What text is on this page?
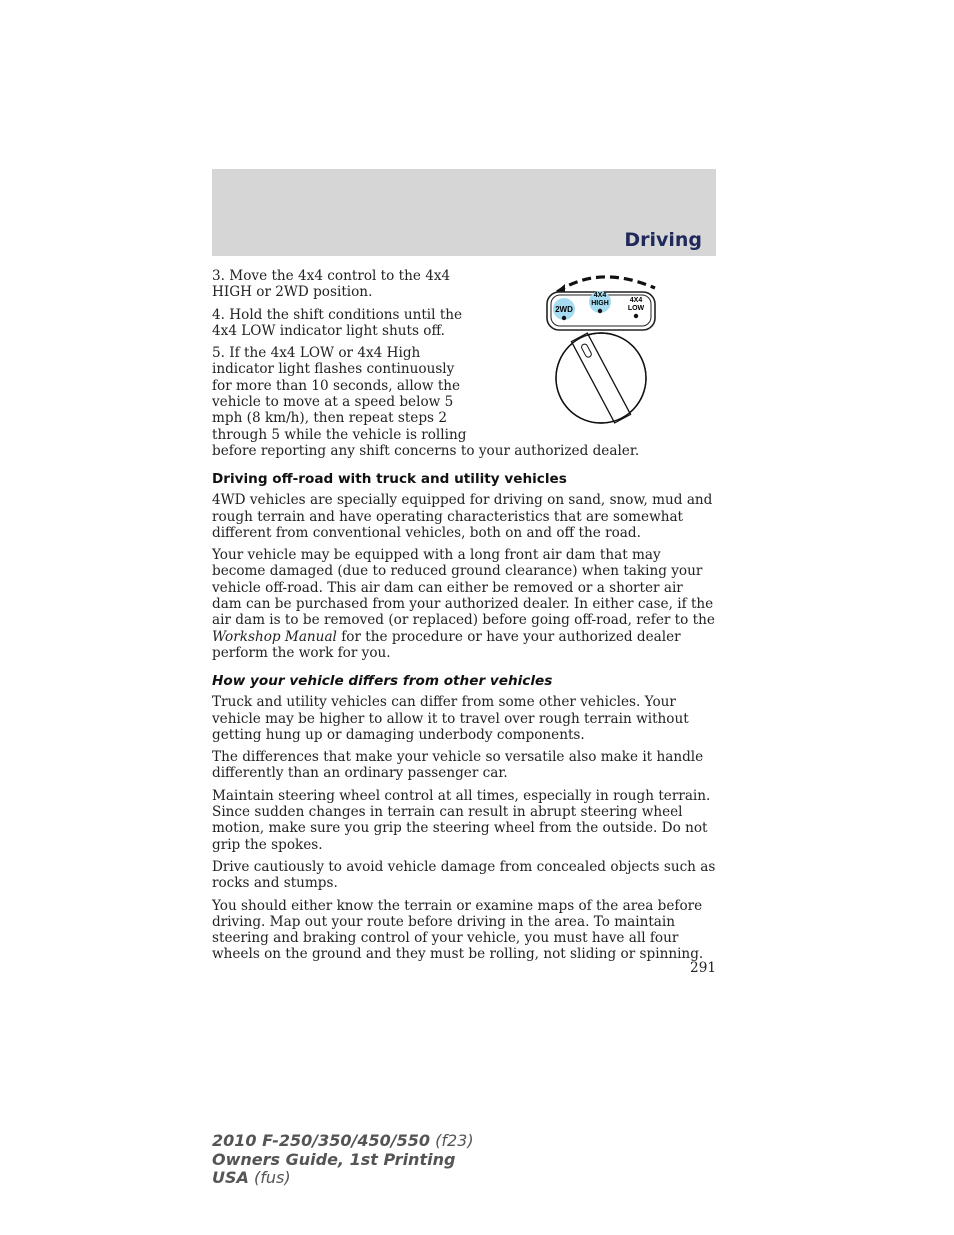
Driving
2WD
4X4
HIGH	4X4
LOW

3. Move the 4x4 control to the 4x4 HIGH or 2WD position.

4. Hold the shift conditions until the 4x4 LOW indicator light shuts off.

5. If the 4x4 LOW or 4x4 High indicator light flashes continuously for more than 10 seconds, allow the vehicle to move at a speed below 5 mph (8 km/h), then repeat steps 2 through 5 while the vehicle is rolling

before reporting any shift concerns to your authorized dealer.

Driving off-road with truck and utility vehicles

4WD vehicles are specially equipped for driving on sand, snow, mud and rough terrain and have operating characteristics that are somewhat different from conventional vehicles, both on and off the road.

Your vehicle may be equipped with a long front air dam that may become damaged (due to reduced ground clearance) when taking your vehicle off-road. This air dam can either be removed or a shorter air dam can be purchased from your authorized dealer. In either case, if the air dam is to be removed (or replaced) before going off-road, refer to the Workshop Manual for the procedure or have your authorized dealer perform the work for you.

How your vehicle differs from other vehicles

Truck and utility vehicles can differ from some other vehicles. Your vehicle may be higher to allow it to travel over rough terrain without getting hung up or damaging underbody components.

The differences that make your vehicle so versatile also make it handle differently than an ordinary passenger car.

Maintain steering wheel control at all times, especially in rough terrain. Since sudden changes in terrain can result in abrupt steering wheel motion, make sure you grip the steering wheel from the outside. Do not grip the spokes.

Drive cautiously to avoid vehicle damage from concealed objects such as rocks and stumps.

You should either know the terrain or examine maps of the area before driving. Map out your route before driving in the area. To maintain steering and braking control of your vehicle, you must have all four wheels on the ground and they must be rolling, not sliding or spinning.

291
2010 F-250/350/450/550 (f23)
Owners Guide, 1st Printing
USA (fus)
